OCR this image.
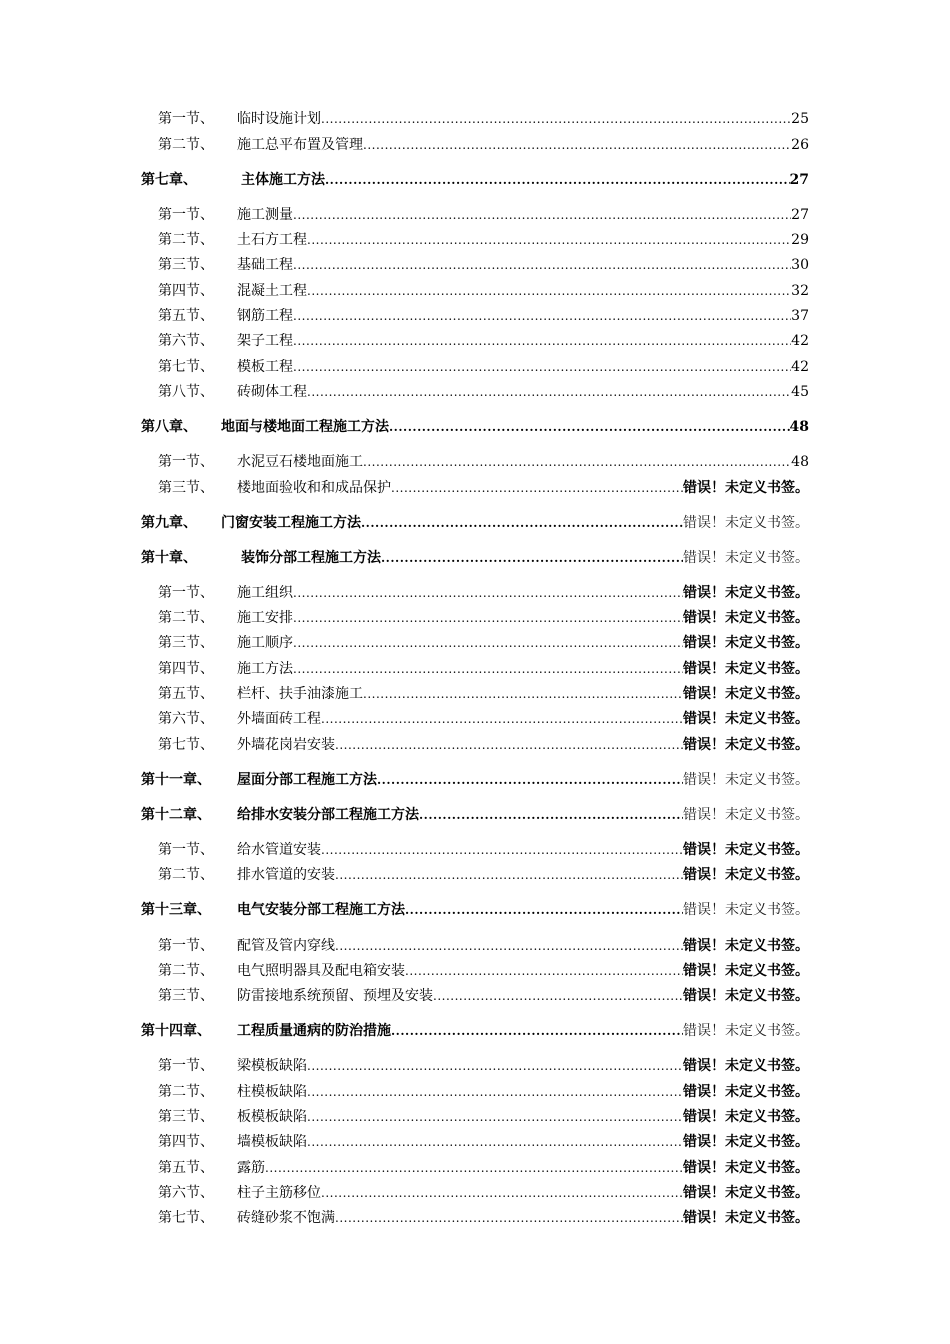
第一节、	临时设施计划 .....	25
第二节、	施工总平布置及管理 .....	26
第七章、	主体施工方法 .....	27
第一节、	施工测量 .....	27
第二节、	土石方工程 .....	29
第三节、	基础工程 .....	30
第四节、	混凝土工程 .....	32
第五节、	钢筋工程 .....	37
第六节、	架子工程 .....	42
第七节、	模板工程 .....	42
第八节、	砖砌体工程 .....	45
第八章、	地面与楼地面工程施工方法 .....	48
第一节、	水泥豆石楼地面施工 .....	48
第三节、	楼地面验收和和成品保护 .....	错误！未定义书签。
第九章、	门窗安装工程施工方法 .....	错误！未定义书签。
第十章、	装饰分部工程施工方法 .....	错误！未定义书签。
第一节、	施工组织 .....	错误！未定义书签。
第二节、	施工安排 .....	错误！未定义书签。
第三节、	施工顺序 .....	错误！未定义书签。
第四节、	施工方法 .....	错误！未定义书签。
第五节、	栏杆、扶手油漆施工 .....	错误！未定义书签。
第六节、	外墙面砖工程 .....	错误！未定义书签。
第七节、	外墙花岗岩安装 .....	错误！未定义书签。
第十一章、	屋面分部工程施工方法 .....	错误！未定义书签。
第十二章、	给排水安装分部工程施工方法 .....	错误！未定义书签。
第一节、	给水管道安装 .....	错误！未定义书签。
第二节、	排水管道的安装 .....	错误！未定义书签。
第十三章、	电气安装分部工程施工方法 .....	错误！未定义书签。
第一节、	配管及管内穿线 .....	错误！未定义书签。
第二节、	电气照明器具及配电箱安装 .....	错误！未定义书签。
第三节、	防雷接地系统预留、预埋及安装 .....	错误！未定义书签。
第十四章、	工程质量通病的防治措施 .....	错误！未定义书签。
第一节、	梁模板缺陷 .....	错误！未定义书签。
第二节、	柱模板缺陷 .....	错误！未定义书签。
第三节、	板模板缺陷 .....	错误！未定义书签。
第四节、	墙模板缺陷 .....	错误！未定义书签。
第五节、	露筋 .....	错误！未定义书签。
第六节、	柱子主筋移位 .....	错误！未定义书签。
第七节、	砖缝砂浆不饱满 .....	错误！未定义书签。
